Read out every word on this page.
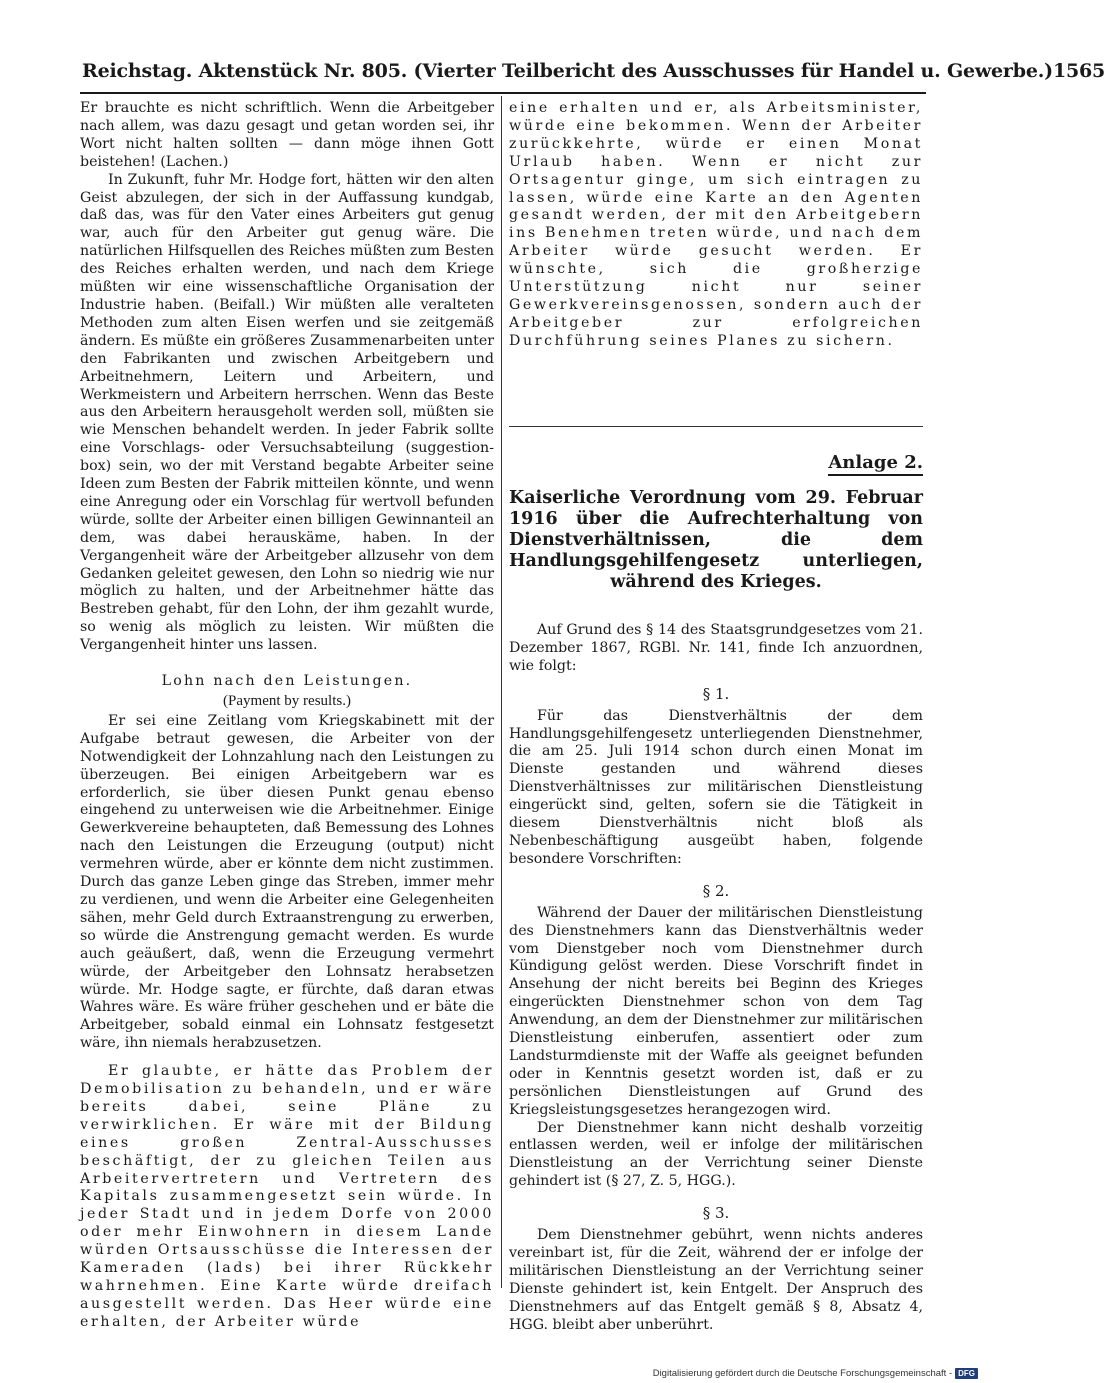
Reichstag. Aktenstück Nr. 805. (Vierter Teilbericht des Ausschusses für Handel u. Gewerbe.) 1565

Er brauchte es nicht schriftlich. Wenn die Arbeitgeber nach allem, was dazu gesagt und getan worden sei, ihr Wort nicht halten sollten — dann möge ihnen Gott beistehen! (Lachen.)

In Zukunft, fuhr Mr. Hodge fort, hätten wir den alten Geist abzulegen, der sich in der Auffassung kundgab, daß das, was für den Vater eines Arbeiters gut genug war, auch für den Arbeiter gut genug wäre. Die natürlichen Hilfsquellen des Reiches müßten zum Besten des Reiches erhalten werden, und nach dem Kriege müßten wir eine wissenschaftliche Organisation der Industrie haben. (Beifall.) Wir müßten alle veralteten Methoden zum alten Eisen werfen und sie zeitgemäß ändern. Es müßte ein größeres Zusammenarbeiten unter den Fabrikanten und zwischen Arbeitgebern und Arbeitnehmern, Leitern und Arbeitern, und Werkmeistern und Arbeitern herrschen. Wenn das Beste aus den Arbeitern herausgeholt werden soll, müßten sie wie Menschen behandelt werden. In jeder Fabrik sollte eine Vorschlags- oder Versuchsabteilung (suggestion-box) sein, wo der mit Verstand begabte Arbeiter seine Ideen zum Besten der Fabrik mitteilen könnte, und wenn eine Anregung oder ein Vorschlag für wertvoll befunden würde, sollte der Arbeiter einen billigen Gewinnanteil an dem, was dabei herauskäme, haben. In der Vergangenheit wäre der Arbeitgeber allzusehr von dem Gedanken geleitet gewesen, den Lohn so niedrig wie nur möglich zu halten, und der Arbeitnehmer hätte das Bestreben gehabt, für den Lohn, der ihm gezahlt wurde, so wenig als möglich zu leisten. Wir müßten die Vergangenheit hinter uns lassen.

Lohn nach den Leistungen.

(Payment by results.)

Er sei eine Zeitlang vom Kriegskabinett mit der Aufgabe betraut gewesen, die Arbeiter von der Notwendigkeit der Lohnzahlung nach den Leistungen zu überzeugen. Bei einigen Arbeitgebern war es erforderlich, sie über diesen Punkt genau ebenso eingehend zu unterweisen wie die Arbeitnehmer. Einige Gewerkvereine behaupteten, daß Bemessung des Lohnes nach den Leistungen die Erzeugung (output) nicht vermehren würde, aber er könnte dem nicht zustimmen. Durch das ganze Leben ginge das Streben, immer mehr zu verdienen, und wenn die Arbeiter eine Gelegenheiten sähen, mehr Geld durch Extraanstrengung zu erwerben, so würde die Anstrengung gemacht werden. Es wurde auch geäußert, daß, wenn die Erzeugung vermehrt würde, der Arbeitgeber den Lohnsatz herabsetzen würde. Mr. Hodge sagte, er fürchte, daß daran etwas Wahres wäre. Es wäre früher geschehen und er bäte die Arbeitgeber, sobald einmal ein Lohnsatz festgesetzt wäre, ihn niemals herabzusetzen.

Er glaubte, er hätte das Problem der Demobilisation zu behandeln, und er wäre bereits dabei, seine Pläne zu verwirklichen. Er wäre mit der Bildung eines großen Zentral-Ausschusses beschäftigt, der zu gleichen Teilen aus Arbeitervertretern und Vertretern des Kapitals zusammengesetzt sein würde. In jeder Stadt und in jedem Dorfe von 2000 oder mehr Einwohnern in diesem Lande würden Ortsausschüsse die Interessen der Kameraden (lads) bei ihrer Rückkehr wahrnehmen. Eine Karte würde dreifach ausgestellt werden. Das Heer würde eine erhalten, der Arbeiter würde

eine erhalten und er, als Arbeitsminister, würde eine bekommen. Wenn der Arbeiter zurückkehrte, würde er einen Monat Urlaub haben. Wenn er nicht zur Ortsagentur ginge, um sich eintragen zu lassen, würde eine Karte an den Agenten gesandt werden, der mit den Arbeitgebern ins Benehmen treten würde, und nach dem Arbeiter würde gesucht werden. Er wünschte, sich die großherzige Unterstützung nicht nur seiner Gewerkvereinsgenossen, sondern auch der Arbeitgeber zur erfolgreichen Durchführung seines Planes zu sichern.

Anlage 2.
Kaiserliche Verordnung vom 29. Februar 1916 über die Aufrechterhaltung von Dienstverhältnissen, die dem Handlungsgehilfengesetz unterliegen, während des Krieges.

Auf Grund des § 14 des Staatsgrundgesetzes vom 21. Dezember 1867, RGBl. Nr. 141, finde Ich anzuordnen, wie folgt:

§ 1.

Für das Dienstverhältnis der dem Handlungsgehilfengesetz unterliegenden Dienstnehmer, die am 25. Juli 1914 schon durch einen Monat im Dienste gestanden und während dieses Dienstverhältnisses zur militärischen Dienstleistung eingerückt sind, gelten, sofern sie die Tätigkeit in diesem Dienstverhältnis nicht bloß als Nebenbeschäftigung ausgeübt haben, folgende besondere Vorschriften:

§ 2.

Während der Dauer der militärischen Dienstleistung des Dienstnehmers kann das Dienstverhältnis weder vom Dienstgeber noch vom Dienstnehmer durch Kündigung gelöst werden. Diese Vorschrift findet in Ansehung der nicht bereits bei Beginn des Krieges eingerückten Dienstnehmer schon von dem Tag Anwendung, an dem der Dienstnehmer zur militärischen Dienstleistung einberufen, assentiert oder zum Landsturmdienste mit der Waffe als geeignet befunden oder in Kenntnis gesetzt worden ist, daß er zu persönlichen Dienstleistungen auf Grund des Kriegsleistungsgesetzes herangezogen wird.

Der Dienstnehmer kann nicht deshalb vorzeitig entlassen werden, weil er infolge der militärischen Dienstleistung an der Verrichtung seiner Dienste gehindert ist (§ 27, Z. 5, HGG.).

§ 3.

Dem Dienstnehmer gebührt, wenn nichts anderes vereinbart ist, für die Zeit, während der er infolge der militärischen Dienstleistung an der Verrichtung seiner Dienste gehindert ist, kein Entgelt. Der Anspruch des Dienstnehmers auf das Entgelt gemäß § 8, Absatz 4, HGG. bleibt aber unberührt.

Digitalisierung gefördert durch die Deutsche Forschungsgemeinschaft - DFG
